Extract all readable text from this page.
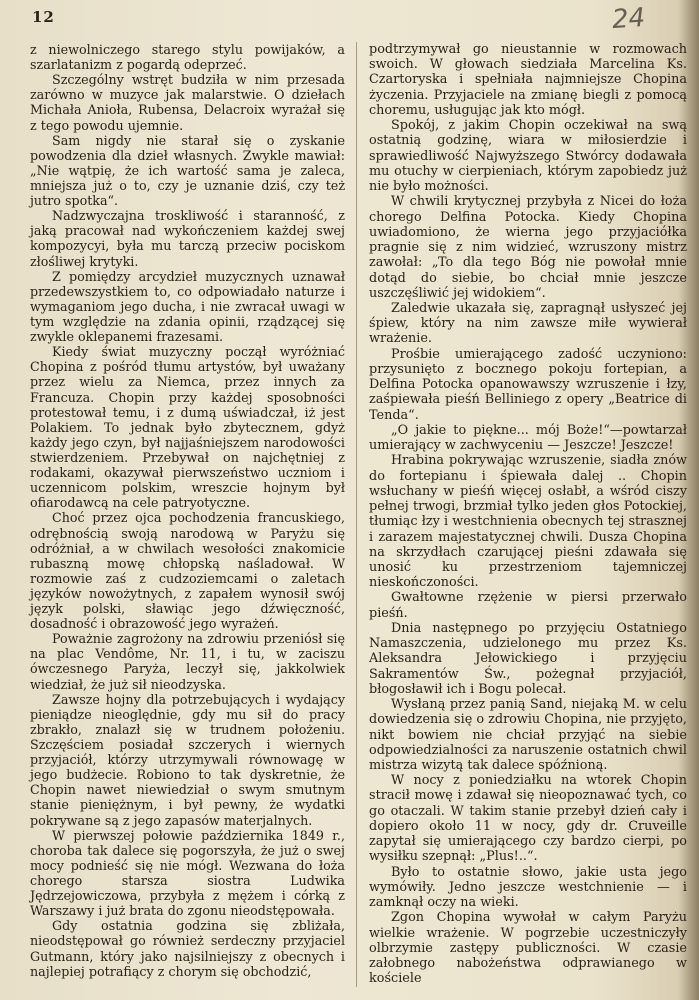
12	24

z niewolniczego starego stylu powijaków, a szarlatanizm z pogardą odeprzeć.

Szczególny wstręt budziła w nim przesada zarówno w muzyce jak malarstwie. O dziełach Michała Anioła, Rubensa, Delacroix wyrażał się z tego powodu ujemnie.

Sam nigdy nie starał się o zyskanie powodzenia dla dzieł własnych. Zwykle mawiał: „Nie wątpię, że ich wartość sama je zaleca, mniejsza już o to, czy je uznanie dziś, czy też jutro spotka“.

Nadzwyczajna troskliwość i staranność, z jaką pracował nad wykończeniem każdej swej kompozycyi, była mu tarczą przeciw pociskom złośliwej krytyki.

Z pomiędzy arcydzieł muzycznych uznawał przedewszystkiem to, co odpowiadało naturze i wymaganiom jego ducha, i nie zwracał uwagi w tym względzie na zdania opinii, rządzącej się zwykle oklepanemi frazesami.

Kiedy świat muzyczny począł wyróżniać Chopina z pośród tłumu artystów, był uważany przez wielu za Niemca, przez innych za Francuza. Chopin przy każdej sposobności protestował temu, i z dumą uświadczał, iż jest Polakiem. To jednak było zbytecznem, gdyż każdy jego czyn, był najjaśniejszem narodowości stwierdzeniem. Przebywał on najchętniej z rodakami, okazywał pierwszeństwo uczniom i uczennicom polskim, wreszcie hojnym był ofiarodawcą na cele patryotyczne.

Choć przez ojca pochodzenia francuskiego, odrębnością swoją narodową w Paryżu się odróżniał, a w chwilach wesołości znakomicie rubaszną mowę chłopską naśladował. W rozmowie zaś z cudzoziemcami o zaletach języków nowożytnych, z zapałem wynosił swój język polski, sławiąc jego dźwięczność, dosadność i obrazowość jego wyrażeń.

Poważnie zagrożony na zdrowiu przeniósł się na plac Vendôme, Nr. 11, i tu, w zaciszu ówczesnego Paryża, leczył się, jakkolwiek wiedział, że już sił nieodzyska.

Zawsze hojny dla potrzebujących i wydający pieniądze nieoględnie, gdy mu sił do pracy zbrakło, znalazł się w trudnem położeniu. Szczęściem posiadał szczerych i wiernych przyjaciół, którzy utrzymywali równowagę w jego budżecie. Robiono to tak dyskretnie, że Chopin nawet niewiedział o swym smutnym stanie pieniężnym, i był pewny, że wydatki pokrywane są z jego zapasów materjalnych.

W pierwszej połowie października 1849 r., choroba tak dalece się pogorszyła, że już o swej mocy podnieść się nie mógł. Wezwana do łoża chorego starsza siostra Ludwika Jędrzejowiczowa, przybyła z mężem i córką z Warszawy i już brata do zgonu nieodstępowała.

Gdy ostatnia godzina się zbliżała, nieodstępował go również serdeczny przyjaciel Gutmann, który jako najsilniejszy z obecnych i najlepiej potrafiący z chorym się obchodzić,

podtrzymywał go nieustannie w rozmowach swoich. W głowach siedziała Marcelina Ks. Czartoryska i spełniała najmniejsze Chopina życzenia. Przyjaciele na zmianę biegli z pomocą choremu, usługując jak kto mógł.

Spokój, z jakim Chopin oczekiwał na swą ostatnią godzinę, wiara w miłosierdzie i sprawiedliwość Najwyższego Stwórcy dodawała mu otuchy w cierpieniach, którym zapobiedz już nie było możności.

W chwili krytycznej przybyła z Nicei do łoża chorego Delfina Potocka. Kiedy Chopina uwiadomiono, że wierna jego przyjaciółka pragnie się z nim widzieć, wzruszony mistrz zawołał: „To dla tego Bóg nie powołał mnie dotąd do siebie, bo chciał mnie jeszcze uszczęśliwić jej widokiem“.

Zaledwie ukazała się, zapragnął usłyszeć jej śpiew, który na nim zawsze miłe wywierał wrażenie.

Prośbie umierającego zadość uczyniono: przysunięto z bocznego pokoju fortepian, a Delfina Potocka opanowawszy wzruszenie i łzy, zaśpiewała pieśń Belliniego z opery „Beatrice di Tenda“.

„O jakie to piękne... mój Boże!“—powtarzał umierający w zachwyceniu — Jeszcze! Jeszcze!

Hrabina pokrywając wzruszenie, siadła znów do fortepianu i śpiewała dalej .. Chopin wsłuchany w pieśń więcej osłabł, a wśród ciszy pełnej trwogi, brzmiał tylko jeden głos Potockiej, tłumiąc łzy i westchnienia obecnych tej strasznej i zarazem majestatycznej chwili. Dusza Chopina na skrzydłach czarującej pieśni zdawała się unosić ku przestrzeniom tajemniczej nieskończoności.

Gwałtowne rzężenie w piersi przerwało pieśń.

Dnia następnego po przyjęciu Ostatniego Namaszczenia, udzielonego mu przez Ks. Aleksandra Jełowickiego i przyjęciu Sakramentów Św., pożegnał przyjaciół, błogosławił ich i Bogu polecał.

Wysłaną przez panią Sand, niejaką M. w celu dowiedzenia się o zdrowiu Chopina, nie przyjęto, nikt bowiem nie chciał przyjąć na siebie odpowiedzialności za naruszenie ostatnich chwil mistrza wizytą tak dalece spóźnioną.

W nocy z poniedziałku na wtorek Chopin stracił mowę i zdawał się nieopoznawać tych, co go otaczali. W takim stanie przebył dzień cały i dopiero około 11 w nocy, gdy dr. Cruveille zapytał się umierającego czy bardzo cierpi, po wysiłku szepnął: „Plus!..“.

Było to ostatnie słowo, jakie usta jego wymówiły. Jedno jeszcze westchnienie — i zamknął oczy na wieki.

Zgon Chopina wywołał w całym Paryżu wielkie wrażenie. W pogrzebie uczestniczyły olbrzymie zastępy publiczności. W czasie załobnego nabożeństwa odprawianego w kościele
